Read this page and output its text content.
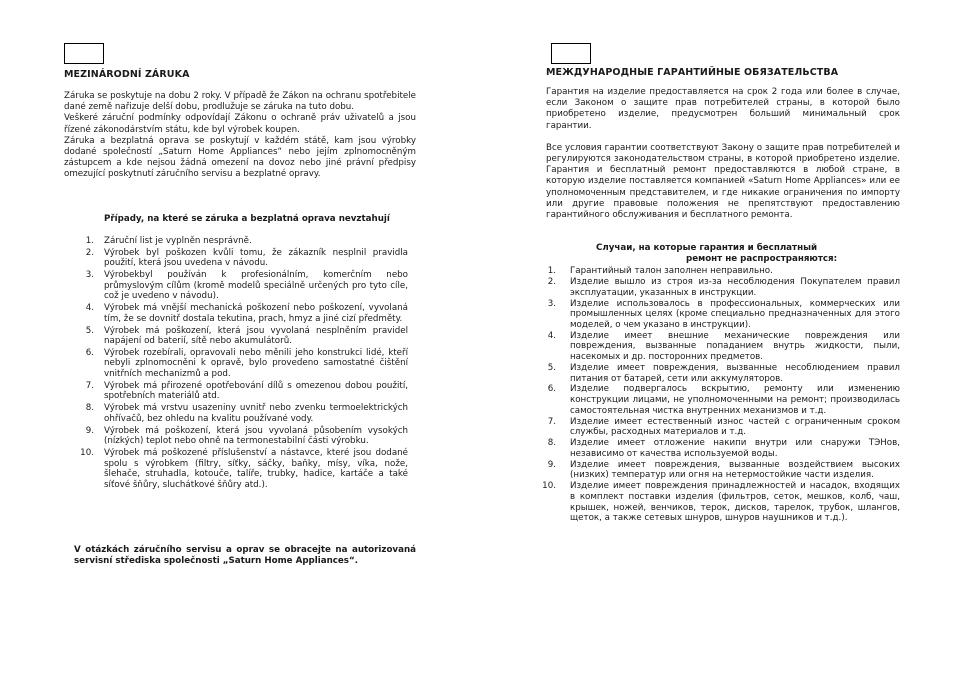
MEZINÁRODNÍ ZÁRUKA

Záruka se poskytuje na dobu 2 roky. V případě že Zákon na ochranu spotřebitele dané země nařizuje delší dobu, prodlužuje se záruka na tuto dobu.

Veškeré záruční podmínky odpovídají Zákonu o ochraně práv uživatelů a jsou řízené zákonodárstvím státu, kde byl výrobek koupen.

Záruka a bezplatná oprava se poskytují v každém státě, kam jsou výrobky dodané společností „Saturn Home Appliances“ nebo jejím zplnomocněným zástupcem a kde nejsou žádná omezení na dovoz nebo jiné právní předpisy omezující poskytnutí záručního servisu a bezplatné opravy.

Případy, na které se záruka a bezplatná oprava nevztahují
1. Záruční list je vyplněn nesprávně.
2. Výrobek byl poškozen kvůli tomu, že zákazník nesplnil pravidla použití, která jsou uvedena v návodu.
3. Výrobekbyl používán k profesionálním, komerčním nebo průmyslovým cílům (kromě modelů speciálně určených pro tyto cíle, což je uvedeno v návodu).
4. Výrobek má vnější mechanická poškození nebo poškození, vyvolaná tím, že se dovnitř dostala tekutina, prach, hmyz a jiné cizí předměty.
5. Výrobek má poškození, která jsou vyvolaná nesplněním pravidel napájení od baterií, sítě nebo akumulátorů.
6. Výrobek rozebírali, opravovali nebo měnili jeho konstrukci lidé, kteří nebyli zplnomocněni k opravě, bylo provedeno samostatné čištění vnitřních mechanizmů a pod.
7. Výrobek má přirozené opotřebování dílů s omezenou dobou použití, spotřebních materiálů atd.
8. Výrobek má vrstvu usazeniny uvnitř nebo zvenku termoelektrických ohřívačů, bez ohledu na kvalitu používané vody.
9. Výrobek má poškození, která jsou vyvolaná působením vysokých (nízkých) teplot nebo ohně na termonestabilní části výrobku.
10. Výrobek má poškozené příslušenství a nástavce, které jsou dodané spolu s výrobkem (filtry, síťky, sáčky, baňky, mísy, víka, nože, šlehače, struhadla, kotouče, talíře, trubky, hadice, kartáče a také síťové šňůry, sluchátkové šňůry atd.).
V otázkách záručního servisu a oprav se obracejte na autorizovaná servisní střediska společnosti „Saturn Home Appliances“.
МЕЖДУНАРОДНЫЕ ГАРАНТИЙНЫЕ ОБЯЗАТЕЛЬСТВА

Гарантия на изделие предоставляется на срок 2 года или более в случае, если Законом о защите прав потребителей страны, в которой было приобретено изделие, предусмотрен больший минимальный срок гарантии.

Все условия гарантии соответствуют Закону о защите прав потребителей и регулируются законодательством страны, в которой приобретено изделие. Гарантия и бесплатный ремонт предоставляются в любой стране, в которую изделие поставляется компанией «Saturn Home Appliances» или ее уполномоченным представителем, и где никакие ограничения по импорту или другие правовые положения не препятствуют предоставлению гарантийного обслуживания и бесплатного ремонта.

Случаи, на которые гарантия и бесплатный
ремонт не распространяются:
1. Гарантийный талон заполнен неправильно.
2. Изделие вышло из строя из-за несоблюдения Покупателем правил эксплуатации, указанных в инструкции.
3. Изделие использовалось в профессиональных, коммерческих или промышленных целях (кроме специально предназначенных для этого моделей, о чем указано в инструкции).
4. Изделие имеет внешние механические повреждения или повреждения, вызванные попаданием внутрь жидкости, пыли, насекомых и др. посторонних предметов.
5. Изделие имеет повреждения, вызванные несоблюдением правил питания от батарей, сети или аккумуляторов.
6. Изделие подвергалось вскрытию, ремонту или изменению конструкции лицами, не уполномоченными на ремонт; производилась самостоятельная чистка внутренних механизмов и т.д.
7. Изделие имеет естественный износ частей с ограниченным сроком службы, расходных материалов и т.д.
8. Изделие имеет отложение накипи внутри или снаружи ТЭНов, независимо от качества используемой воды.
9. Изделие имеет повреждения, вызванные воздействием высоких (низких) температур или огня на нетермостойкие части изделия.
10. Изделие имеет повреждения принадлежностей и насадок, входящих в комплект поставки изделия (фильтров, сеток, мешков, колб, чаш, крышек, ножей, венчиков, терок, дисков, тарелок, трубок, шлангов, щеток, а также сетевых шнуров, шнуров наушников и т.д.).
